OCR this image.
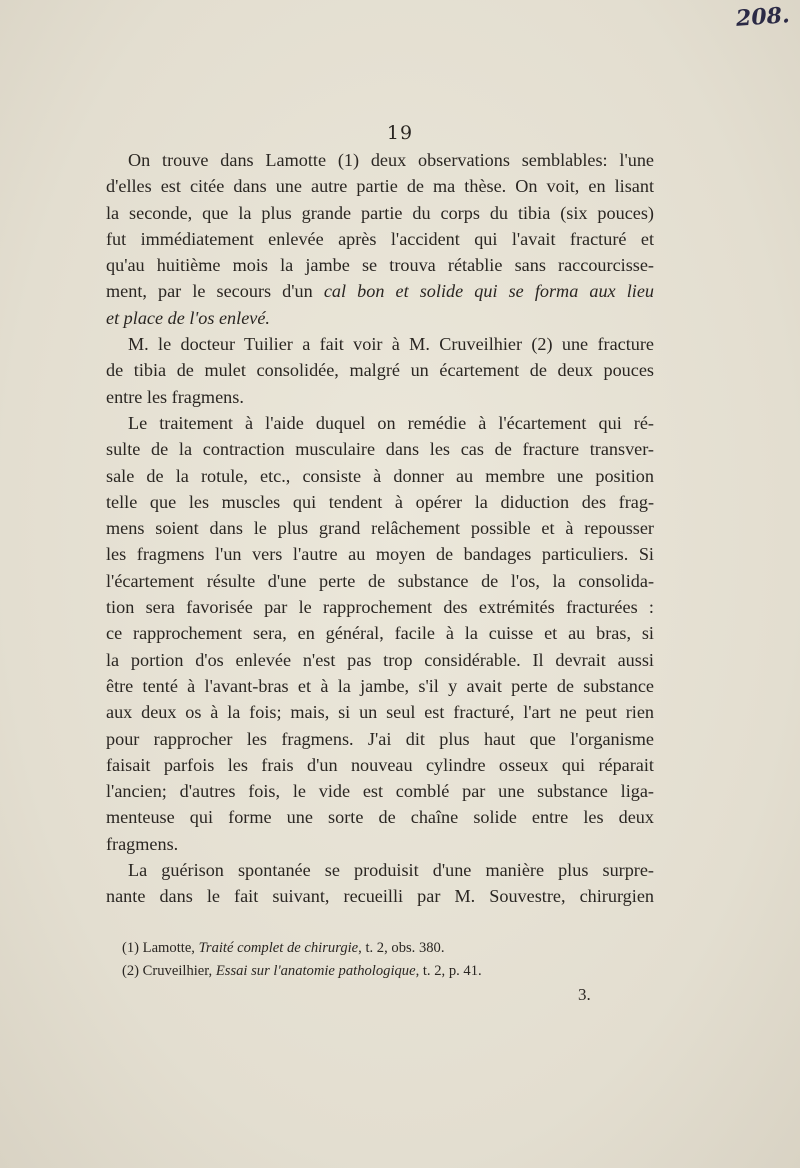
208.
19
On trouve dans Lamotte (1) deux observations semblables: l'une
d'elles est citée dans une autre partie de ma thèse. On voit, en lisant
la seconde, que la plus grande partie du corps du tibia (six pouces)
fut immédiatement enlevée après l'accident qui l'avait fracturé et
qu'au huitième mois la jambe se trouva rétablie sans raccourcisse-
ment, par le secours d'un cal bon et solide qui se forma aux lieu
et place de l'os enlevé.
M. le docteur Tuilier a fait voir à M. Cruveilhier (2) une fracture
de tibia de mulet consolidée, malgré un écartement de deux pouces
entre les fragmens.
Le traitement à l'aide duquel on remédie à l'écartement qui ré-
sulte de la contraction musculaire dans les cas de fracture transver-
sale de la rotule, etc., consiste à donner au membre une position
telle que les muscles qui tendent à opérer la diduction des frag-
mens soient dans le plus grand relâchement possible et à repousser
les fragmens l'un vers l'autre au moyen de bandages particuliers. Si
l'écartement résulte d'une perte de substance de l'os, la consolida-
tion sera favorisée par le rapprochement des extrémités fracturées :
ce rapprochement sera, en général, facile à la cuisse et au bras, si
la portion d'os enlevée n'est pas trop considérable. Il devrait aussi
être tenté à l'avant-bras et à la jambe, s'il y avait perte de substance
aux deux os à la fois; mais, si un seul est fracturé, l'art ne peut rien
pour rapprocher les fragmens. J'ai dit plus haut que l'organisme
faisait parfois les frais d'un nouveau cylindre osseux qui réparait
l'ancien; d'autres fois, le vide est comblé par une substance liga-
menteuse qui forme une sorte de chaîne solide entre les deux
fragmens.
La guérison spontanée se produisit d'une manière plus surpre-
nante dans le fait suivant, recueilli par M. Souvestre, chirurgien
(1) Lamotte, Traité complet de chirurgie, t. 2, obs. 380.
(2) Cruveilhier, Essai sur l'anatomie pathologique, t. 2, p. 41.
3.
